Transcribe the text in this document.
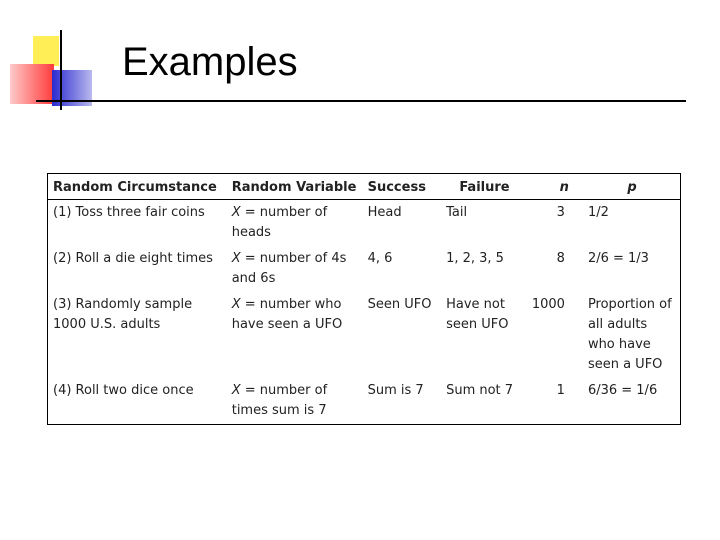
Examples
Random Circumstance	Random Variable	Success	Failure	n	p
(1) Toss three fair coins	X = number of heads	Head	Tail	3	1/2
(2) Roll a die eight times	X = number of 4s and 6s	4, 6	1, 2, 3, 5	8	2/6 = 1/3
(3) Randomly sample 1000 U.S. adults	X = number who have seen a UFO	Seen UFO	Have not seen UFO	1000	Proportion of all adults who have seen a UFO
(4) Roll two dice once	X = number of times sum is 7	Sum is 7	Sum not 7	1	6/36 = 1/6
